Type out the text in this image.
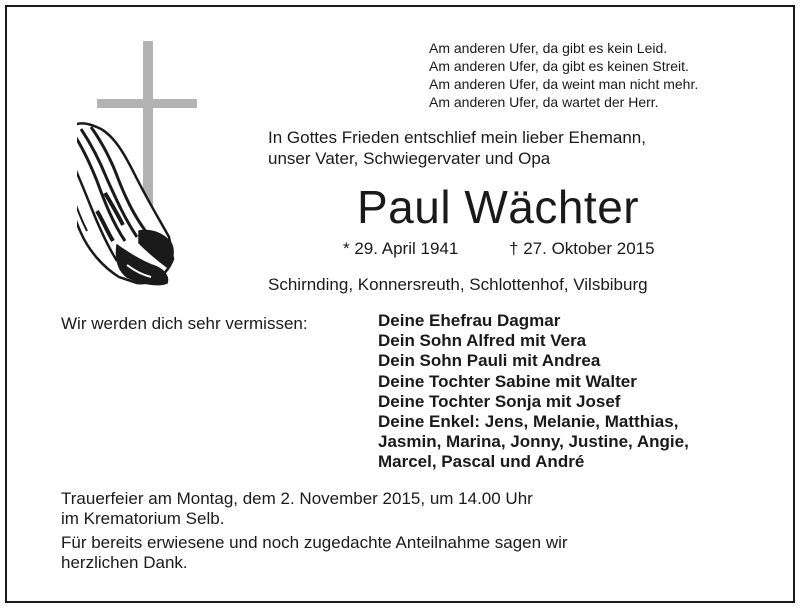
Am anderen Ufer, da gibt es kein Leid.
Am anderen Ufer, da gibt es keinen Streit.
Am anderen Ufer, da weint man nicht mehr.
Am anderen Ufer, da wartet der Herr.
In Gottes Frieden entschlief mein lieber Ehemann,
unser Vater, Schwiegervater und Opa
Paul Wächter
* 29. April 1941	† 27. Oktober 2015
Schirnding, Konnersreuth, Schlottenhof, Vilsbiburg
Wir werden dich sehr vermissen:	Deine Ehefrau Dagmar
Dein Sohn Alfred mit Vera
Dein Sohn Pauli mit Andrea
Deine Tochter Sabine mit Walter
Deine Tochter Sonja mit Josef
Deine Enkel: Jens, Melanie, Matthias,
Jasmin, Marina, Jonny, Justine, Angie,
Marcel, Pascal und André
Trauerfeier am Montag, dem 2. November 2015, um 14.00 Uhr
im Krematorium Selb.
Für bereits erwiesene und noch zugedachte Anteilnahme sagen wir
herzlichen Dank.
